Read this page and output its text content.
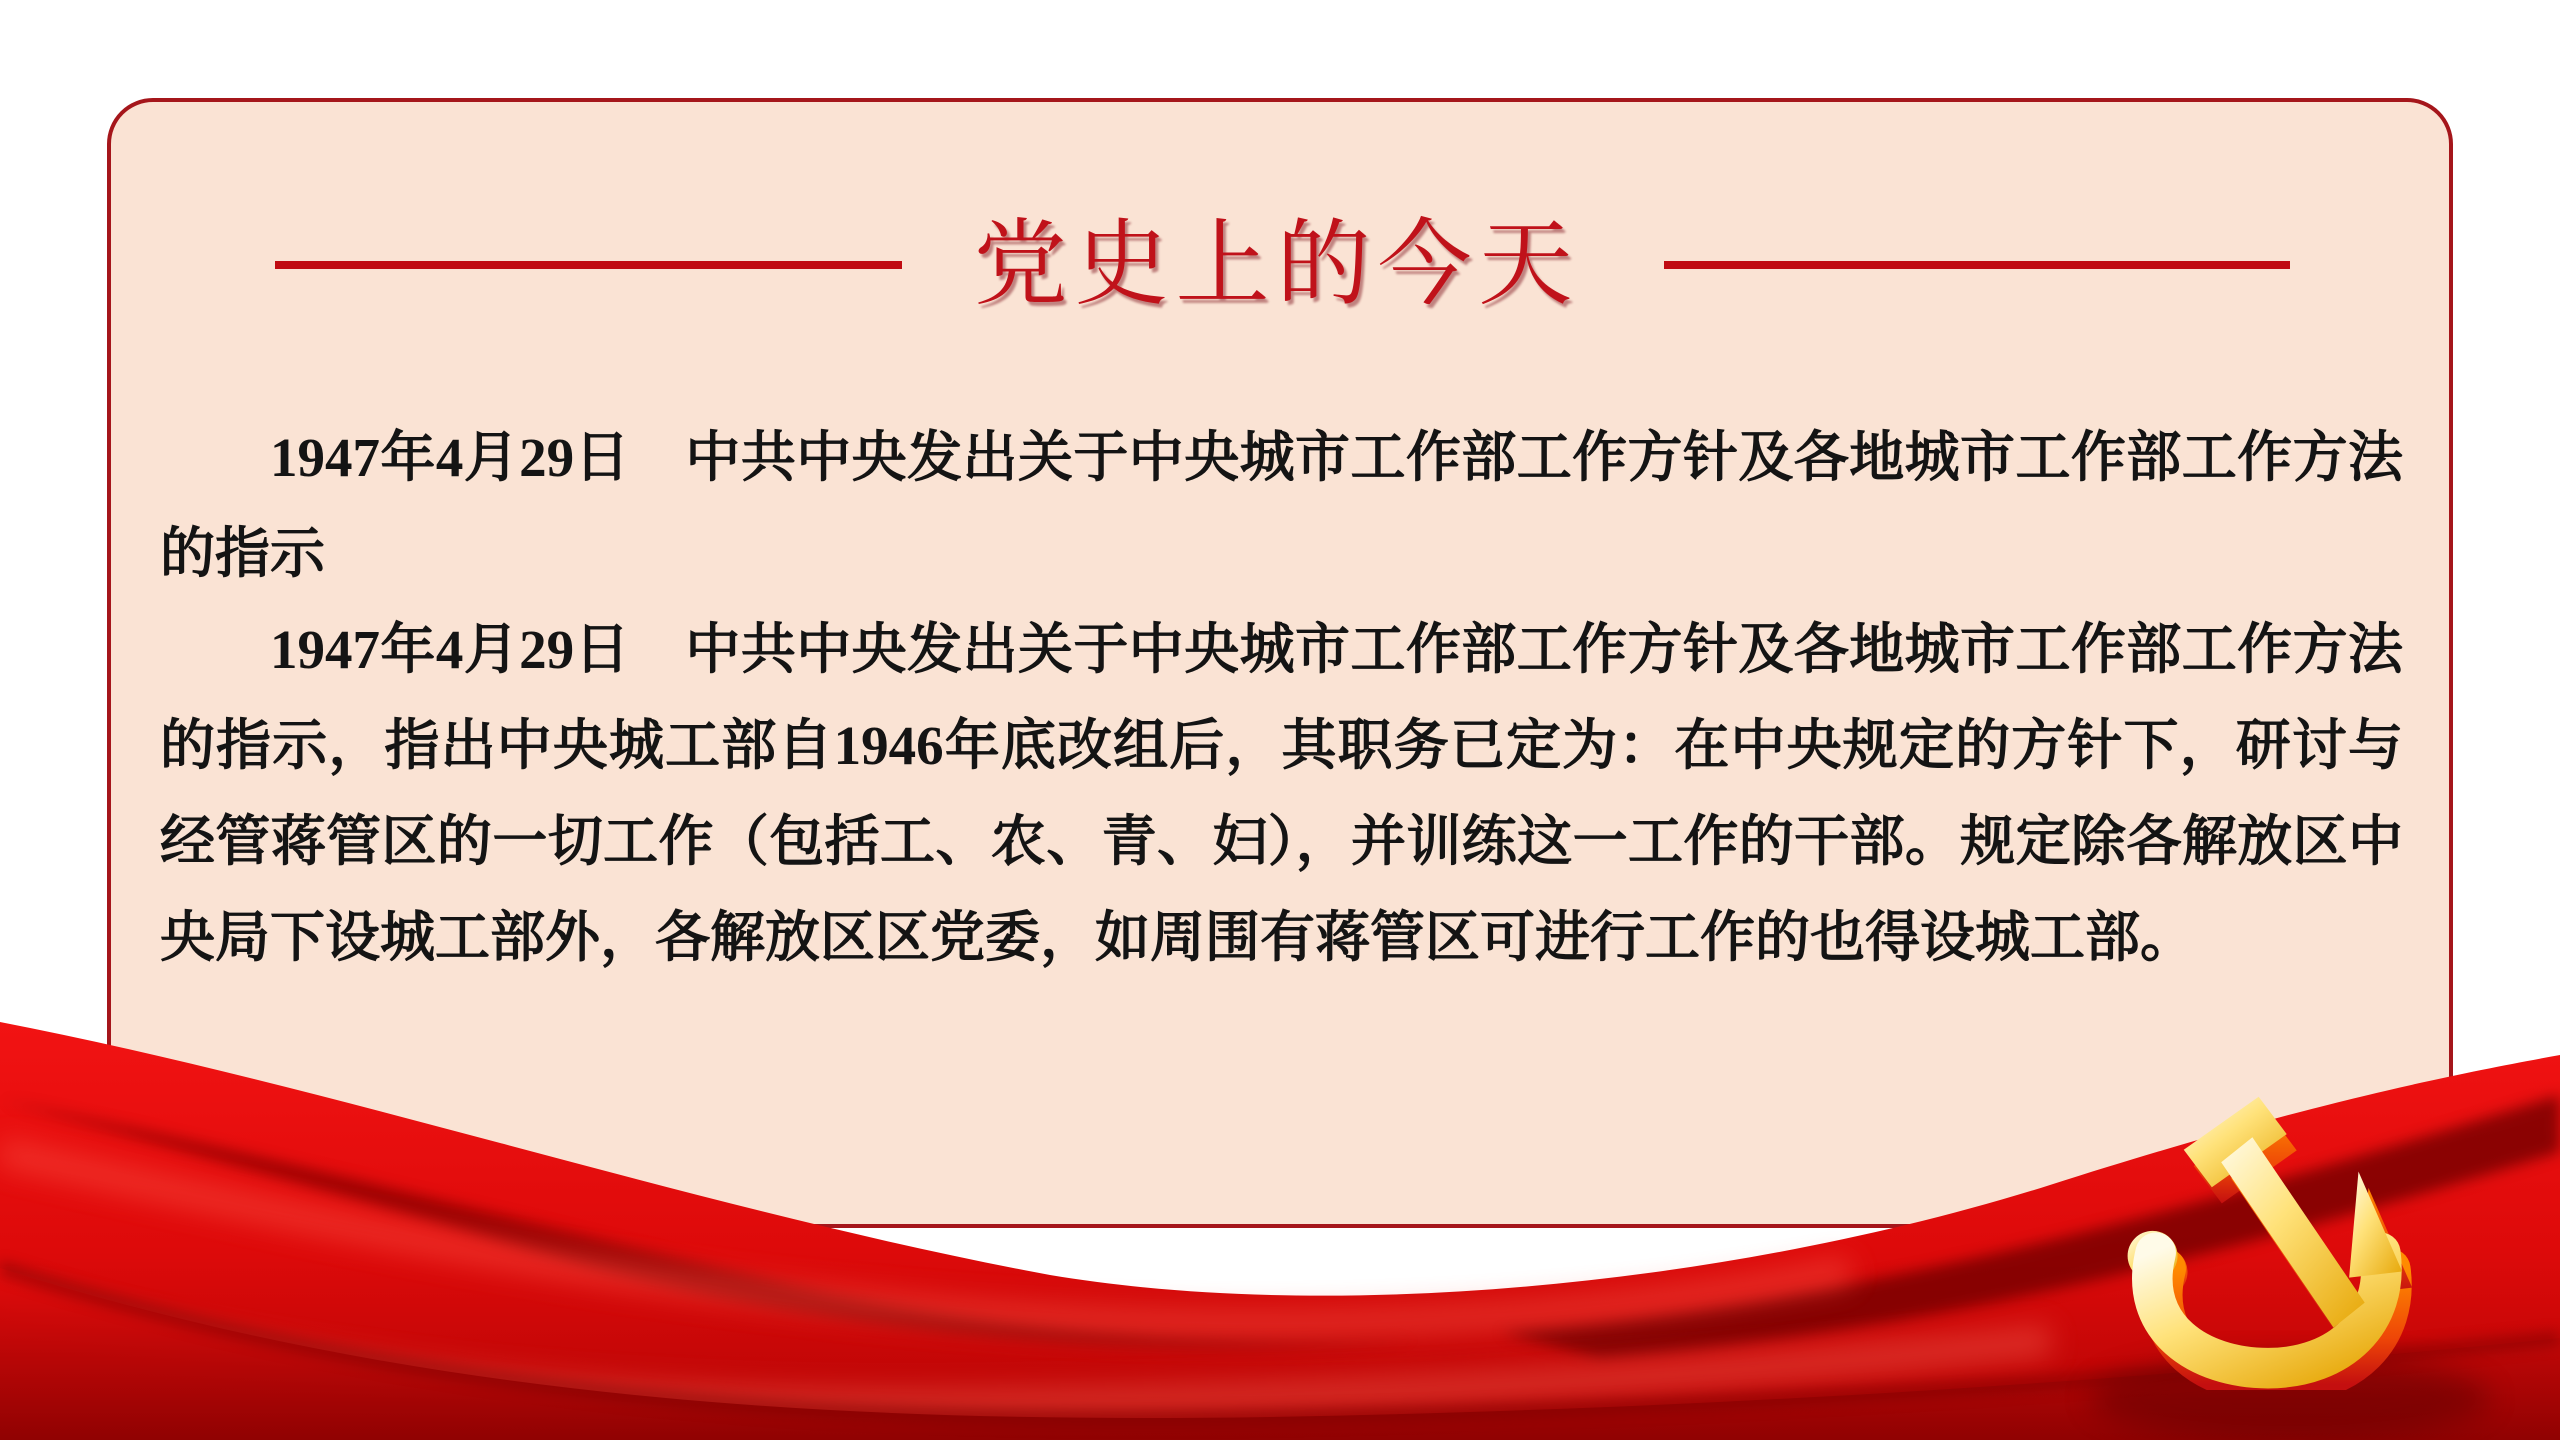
党史上的今天

1947年4月29日　中共中央发出关于中央城市工作部工作方针及各地城市工作部工作方法的指示

1947年4月29日　中共中央发出关于中央城市工作部工作方针及各地城市工作部工作方法的指示，指出中央城工部自1946年底改组后，其职务已定为：在中央规定的方针下，研讨与经管蒋管区的一切工作（包括工、农、青、妇），并训练这一工作的干部。规定除各解放区中央局下设城工部外，各解放区区党委，如周围有蒋管区可进行工作的也得设城工部。
